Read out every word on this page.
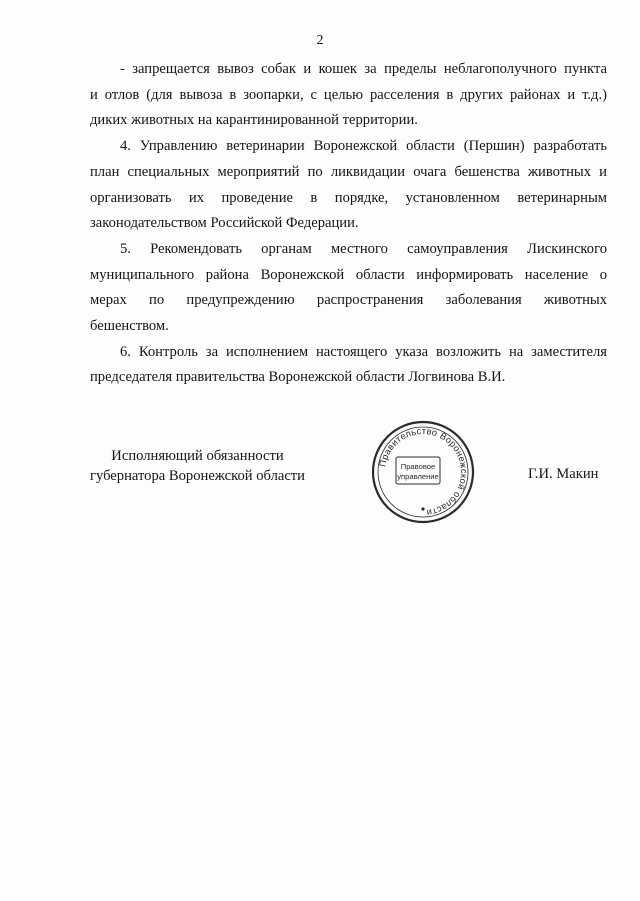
2

- запрещается вывоз собак и кошек за пределы неблагополучного пункта
и отлов (для вывоза в зоопарки, с целью расселения в других районах и т.д.)
диких животных на карантинированной территории.

4. Управлению ветеринарии Воронежской области (Першин) разработать
план специальных мероприятий по ликвидации очага бешенства животных и
организовать их проведение в порядке, установленном ветеринарным
законодательством Российской Федерации.

5. Рекомендовать органам местного самоуправления Лискинского
муниципального района Воронежской области информировать население о
мерах по предупреждению распространения заболевания животных
бешенством.

6. Контроль за исполнением настоящего указа возложить на заместителя
председателя правительства Воронежской области Логвинова В.И.

Исполняющий обязанности
губернатора Воронежской области
Правительство Воронежской области
Правовое
управление	Г.И. Макин
